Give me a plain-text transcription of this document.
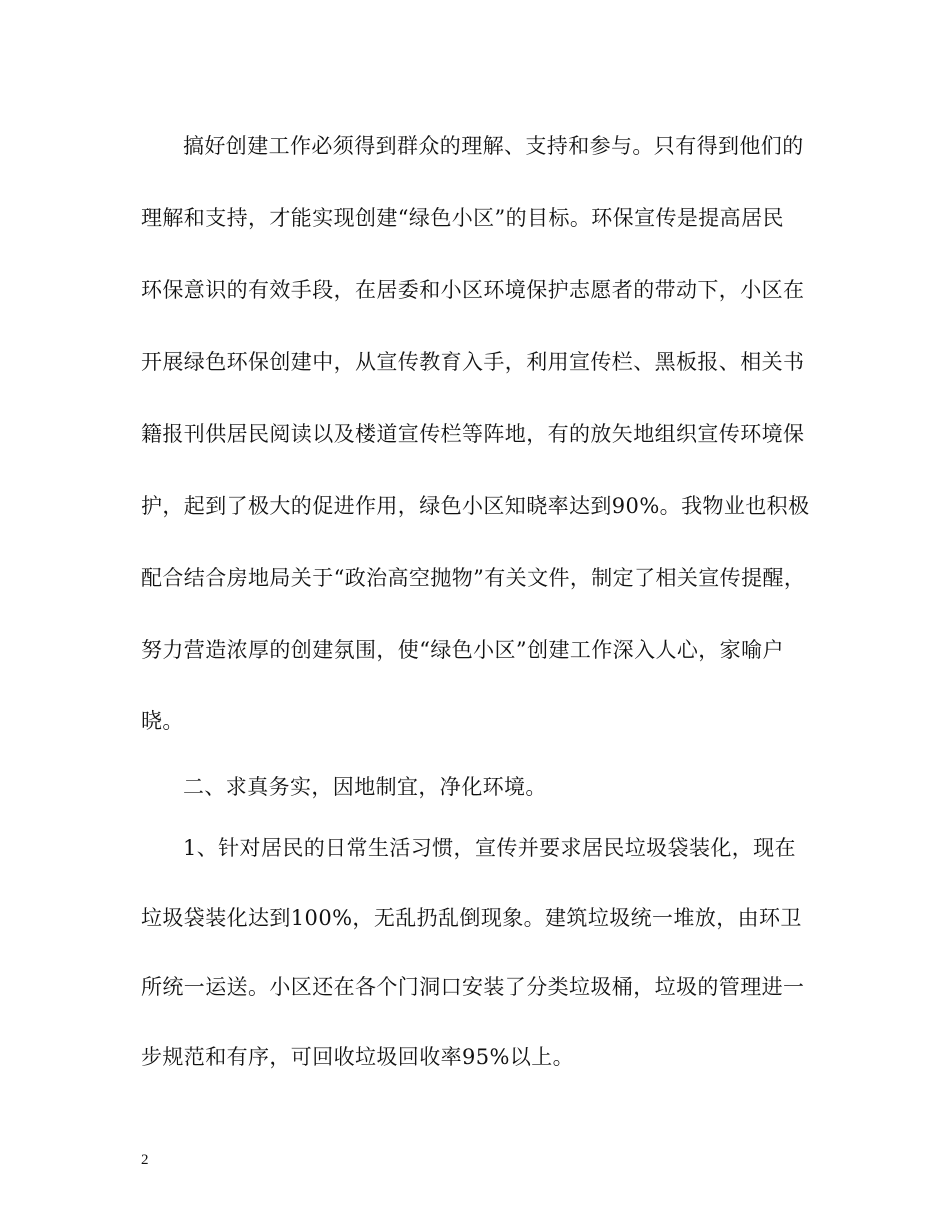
搞好创建工作必须得到群众的理解、支持和参与。只有得到他们的
理解和支持，才能实现创建“绿色小区”的目标。环保宣传是提高居民
环保意识的有效手段，在居委和小区环境保护志愿者的带动下，小区在
开展绿色环保创建中，从宣传教育入手，利用宣传栏、黑板报、相关书
籍报刊供居民阅读以及楼道宣传栏等阵地，有的放矢地组织宣传环境保
护，起到了极大的促进作用，绿色小区知晓率达到90%。我物业也积极
配合结合房地局关于“政治高空抛物”有关文件，制定了相关宣传提醒，
努力营造浓厚的创建氛围，使“绿色小区”创建工作深入人心，家喻户
晓。
二、求真务实，因地制宜，净化环境。
1、针对居民的日常生活习惯，宣传并要求居民垃圾袋装化，现在
垃圾袋装化达到100%，无乱扔乱倒现象。建筑垃圾统一堆放，由环卫
所统一运送。小区还在各个门洞口安装了分类垃圾桶，垃圾的管理进一
步规范和有序，可回收垃圾回收率95%以上。
2
